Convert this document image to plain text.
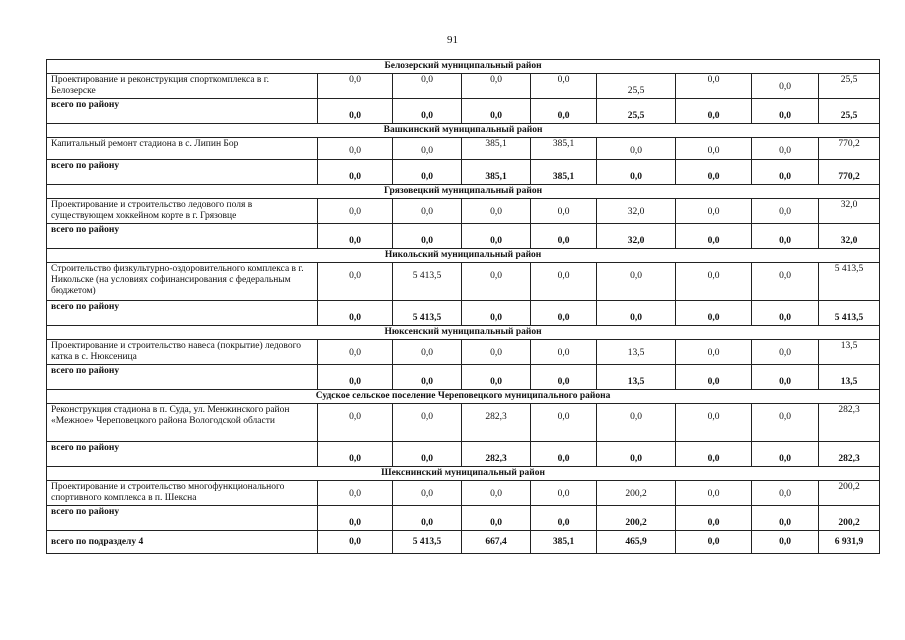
91
Белозерский муниципальный район								
Проектирование и реконструкция спорткомплекса в г. Белозерске	0,0	0,0	0,0	0,0	25,5	0,0	0,0	25,5

всего по району	0,0	0,0	0,0	0,0	25,5	0,0	0,0	25,5
Вашкинский муниципальный район								
Капитальный ремонт стадиона в с. Липин Бор	0,0	0,0	385,1	385,1	0,0	0,0	0,0	770,2

всего по району	0,0	0,0	385,1	385,1	0,0	0,0	0,0	770,2
Грязовецкий муниципальный район								
Проектирование и строительство ледового поля в существующем хоккейном корте в г. Грязовце	0,0	0,0	0,0	0,0	32,0	0,0	0,0	32,0

всего по району	0,0	0,0	0,0	0,0	32,0	0,0	0,0	32,0
Никольский муниципальный район								
Строительство физкультурно-оздоровительного комплекса в г. Никольске (на условиях софинансирования с федеральным бюджетом)	0,0	5 413,5	0,0	0,0	0,0	0,0	0,0	5 413,5

всего по району	0,0	5 413,5	0,0	0,0	0,0	0,0	0,0	5 413,5
Нюксенский муниципальный район								
Проектирование и строительство навеса (покрытие) ледового катка в с. Нюксеница	0,0	0,0	0,0	0,0	13,5	0,0	0,0	13,5

всего по району	0,0	0,0	0,0	0,0	13,5	0,0	0,0	13,5
Судское сельское поселение Череповецкого муниципального района								
Реконструкция стадиона в п. Суда, ул. Менжинского район «Межное» Череповецкого района Вологодской области	0,0	0,0	282,3	0,0	0,0	0,0	0,0	282,3

всего по району	0,0	0,0	282,3	0,0	0,0	0,0	0,0	282,3
Шекснинский муниципальный район								
Проектирование и строительство многофункционального спортивного комплекса в п. Шексна	0,0	0,0	0,0	0,0	200,2	0,0	0,0	200,2

всего по району	0,0	0,0	0,0	0,0	200,2	0,0	0,0	200,2
всего по подразделу 4	0,0	5 413,5	667,4	385,1	465,9	0,0	0,0	6 931,9
